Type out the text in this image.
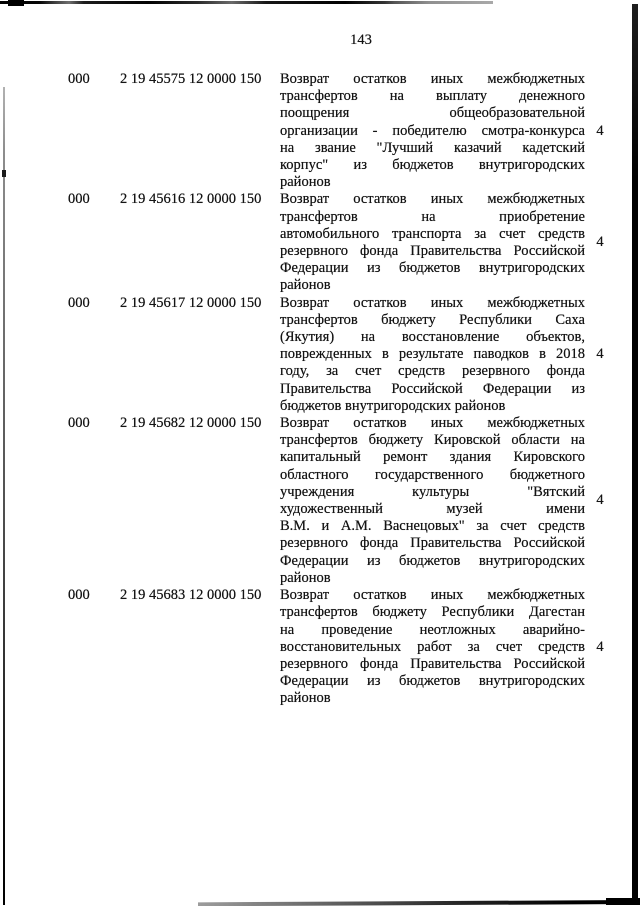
143
000	2 19 45575 12 0000 150	Возврат остатков иных межбюджетных
трансфертов на выплату денежного
поощрения общеобразовательной
организации - победителю смотра-конкурса
на звание "Лучший казачий кадетский
корпус" из бюджетов внутригородских
районов
4
000	2 19 45616 12 0000 150	Возврат остатков иных межбюджетных
трансфертов на приобретение
автомобильного транспорта за счет средств
резервного фонда Правительства Российской
Федерации из бюджетов внутригородских
районов
4
000	2 19 45617 12 0000 150	Возврат остатков иных межбюджетных
трансфертов бюджету Республики Саха
(Якутия) на восстановление объектов,
поврежденных в результате паводков в 2018
году, за счет средств резервного фонда
Правительства Российской Федерации из
бюджетов внутригородских районов
4
000	2 19 45682 12 0000 150	Возврат остатков иных межбюджетных
трансфертов бюджету Кировской области на
капитальный ремонт здания Кировского
областного государственного бюджетного
учреждения культуры "Вятский
художественный музей имени
В.М. и А.М. Васнецовых" за счет средств
резервного фонда Правительства Российской
Федерации из бюджетов внутригородских
районов
4
000	2 19 45683 12 0000 150	Возврат остатков иных межбюджетных
трансфертов бюджету Республики Дагестан
на проведение неотложных аварийно-
восстановительных работ за счет средств
резервного фонда Правительства Российской
Федерации из бюджетов внутригородских
районов
4
